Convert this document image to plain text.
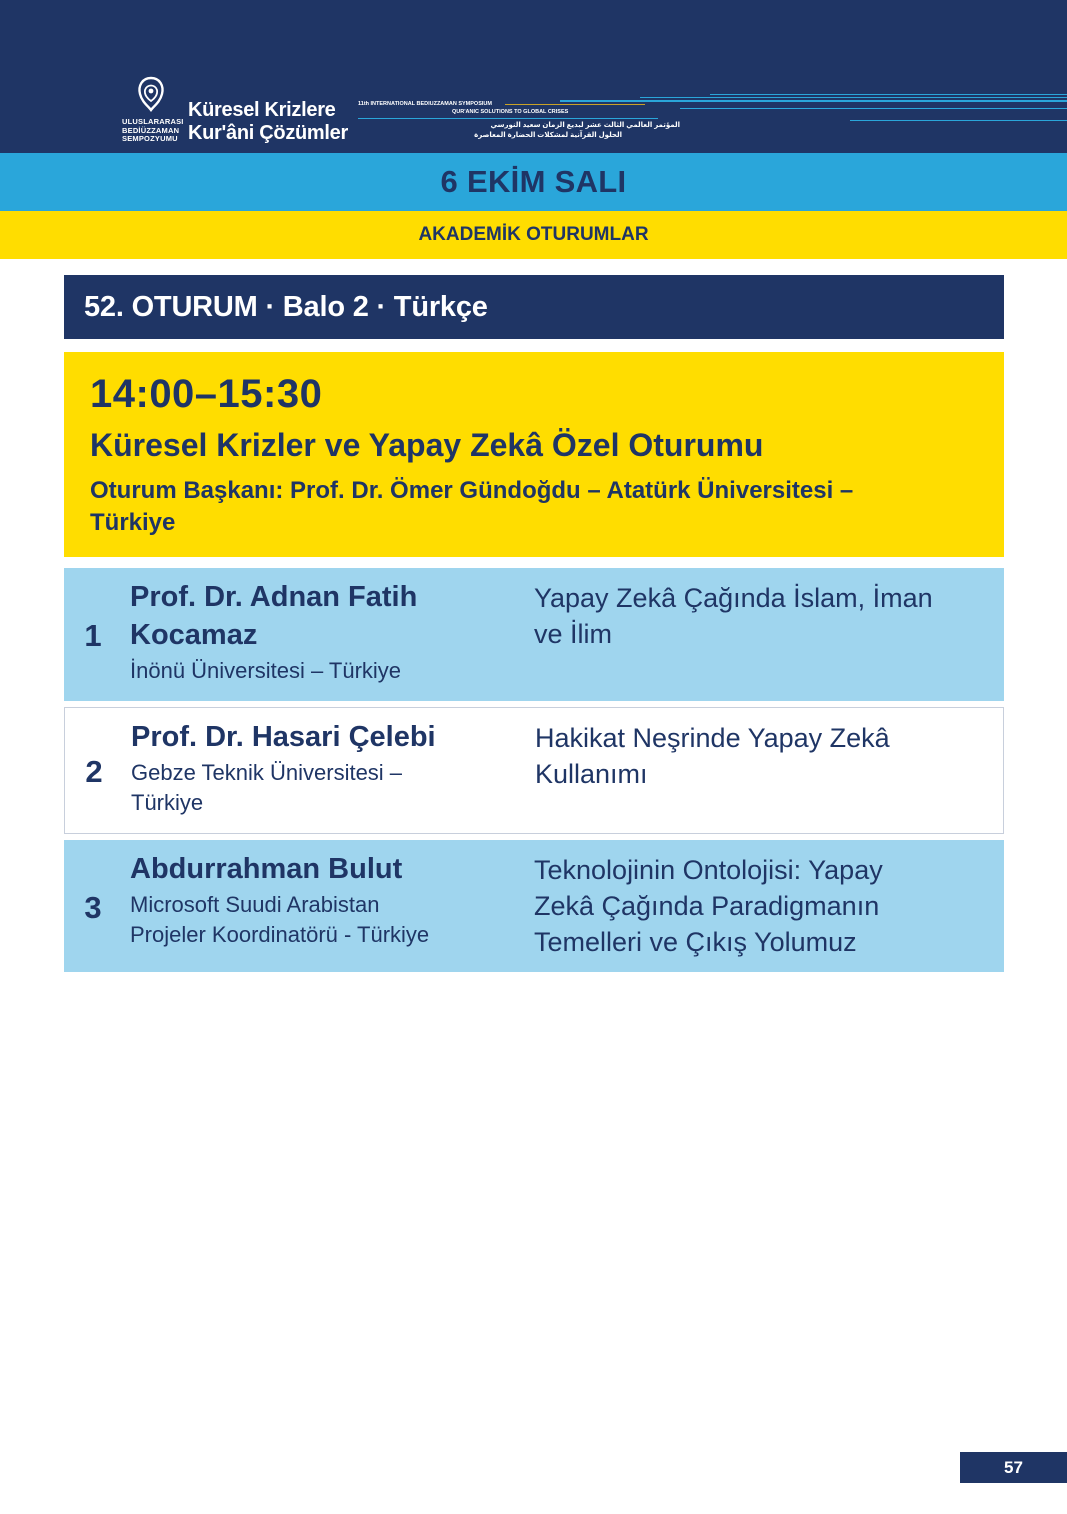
ULUSLARARASI
BEDİÜZZAMAN
SEMPOZYUMU
Küresel Krizlere
Kur'âni Çözümler
11th INTERNATIONAL BEDIUZZAMAN SYMPOSIUM
QUR'ANIC SOLUTIONS TO GLOBAL CRISES
المؤتمر العالمي الثالث عشر لبديع الزمان سعيد النورسي
الحلول القرآنية لمشكلات الحضارة المعاصرة
6 EKİM SALI
AKADEMİK OTURUMLAR
52. OTURUM · Balo 2 · Türkçe
14:00–15:30
Küresel Krizler ve Yapay Zekâ Özel Oturumu
Oturum Başkanı: Prof. Dr. Ömer Gündoğdu – Atatürk Üniversitesi –
Türkiye
1
Prof. Dr. Adnan Fatih
Kocamaz
İnönü Üniversitesi – Türkiye
Yapay Zekâ Çağında İslam, İman
ve İlim
2
Prof. Dr. Hasari Çelebi
Gebze Teknik Üniversitesi –
Türkiye
Hakikat Neşrinde Yapay Zekâ
Kullanımı
3
Abdurrahman Bulut
Microsoft Suudi Arabistan
Projeler Koordinatörü - Türkiye
Teknolojinin Ontolojisi: Yapay
Zekâ Çağında Paradigmanın
Temelleri ve Çıkış Yolumuz
57
